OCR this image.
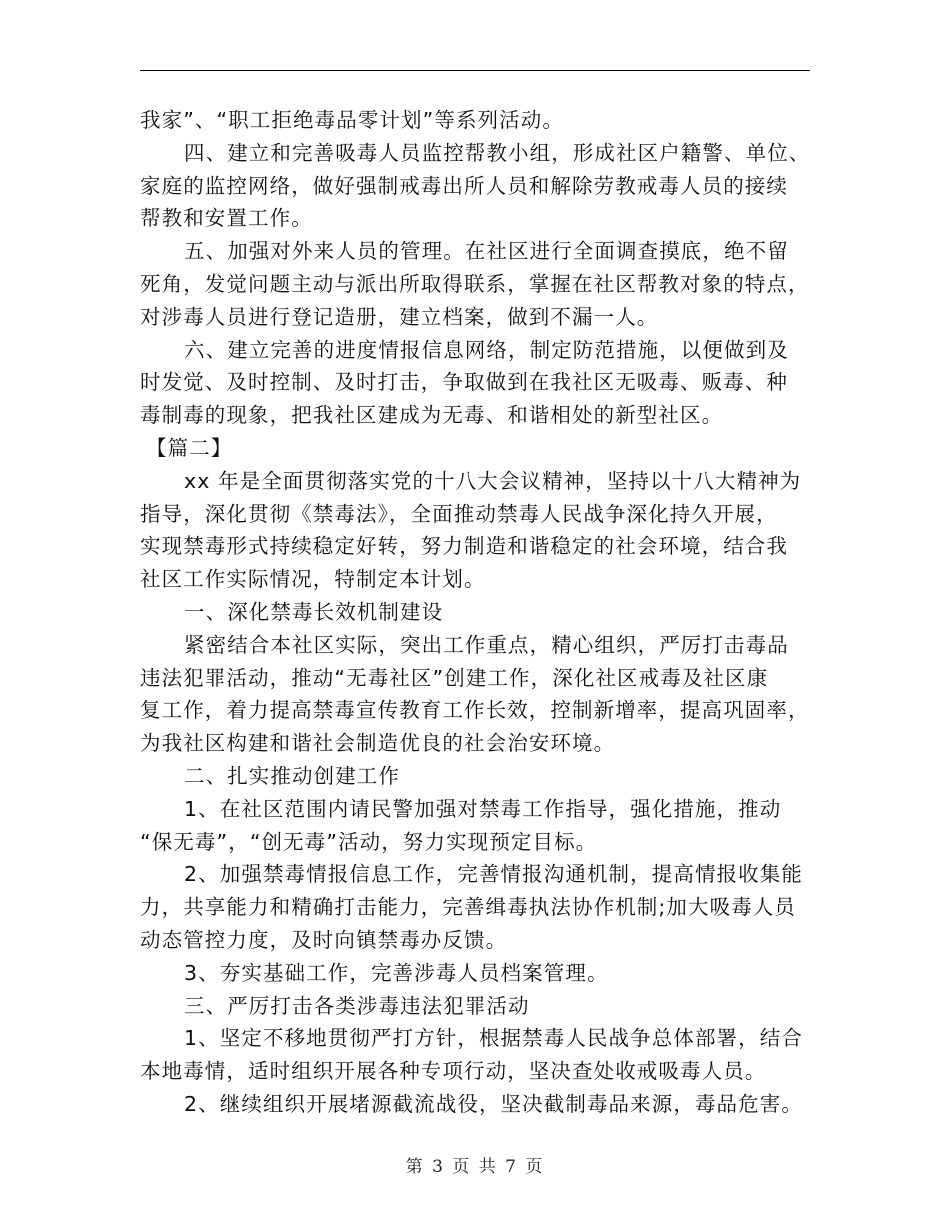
我家”、“职工拒绝毒品零计划”等系列活动。
四、建立和完善吸毒人员监控帮教小组，形成社区户籍警、单位、
家庭的监控网络，做好强制戒毒出所人员和解除劳教戒毒人员的接续
帮教和安置工作。
五、加强对外来人员的管理。在社区进行全面调查摸底，绝不留
死角，发觉问题主动与派出所取得联系，掌握在社区帮教对象的特点，
对涉毒人员进行登记造册，建立档案，做到不漏一人。
六、建立完善的进度情报信息网络，制定防范措施，以便做到及
时发觉、及时控制、及时打击，争取做到在我社区无吸毒、贩毒、种
毒制毒的现象，把我社区建成为无毒、和谐相处的新型社区。
【篇二】
xx 年是全面贯彻落实党的十八大会议精神，坚持以十八大精神为
指导，深化贯彻《禁毒法》，全面推动禁毒人民战争深化持久开展，
实现禁毒形式持续稳定好转，努力制造和谐稳定的社会环境，结合我
社区工作实际情况，特制定本计划。
一、深化禁毒长效机制建设
紧密结合本社区实际，突出工作重点，精心组织，严厉打击毒品
违法犯罪活动，推动“无毒社区”创建工作，深化社区戒毒及社区康
复工作，着力提高禁毒宣传教育工作长效，控制新增率，提高巩固率，
为我社区构建和谐社会制造优良的社会治安环境。
二、扎实推动创建工作
1、在社区范围内请民警加强对禁毒工作指导，强化措施，推动
“保无毒”，“创无毒”活动，努力实现预定目标。
2、加强禁毒情报信息工作，完善情报沟通机制，提高情报收集能
力，共享能力和精确打击能力，完善缉毒执法协作机制;加大吸毒人员
动态管控力度，及时向镇禁毒办反馈。
3、夯实基础工作，完善涉毒人员档案管理。
三、严厉打击各类涉毒违法犯罪活动
1、坚定不移地贯彻严打方针，根据禁毒人民战争总体部署，结合
本地毒情，适时组织开展各种专项行动，坚决查处收戒吸毒人员。
2、继续组织开展堵源截流战役，坚决截制毒品来源，毒品危害。
第 3 页 共 7 页
